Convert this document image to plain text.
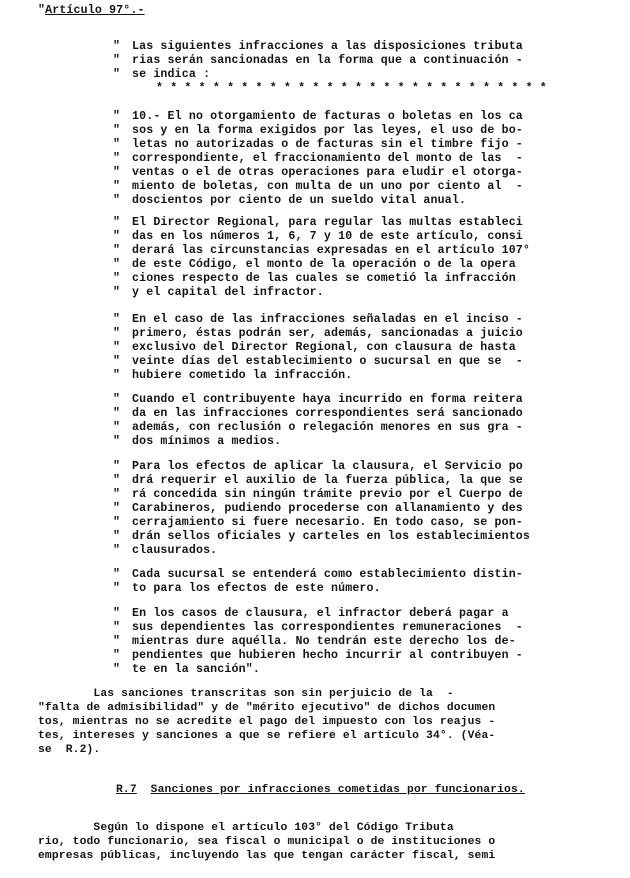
"Artículo 97°.-
" Las siguientes infracciones a las disposiciones tributa
" rias serán sancionadas en la forma que a continuación -
" se indica :
* * * * * * * * * * * * * * * * * * * * * * * * * * * *
" 10.- El no otorgamiento de facturas o boletas en los ca
" sos y en la forma exigidos por las leyes, el uso de bo-
" letas no autorizadas o de facturas sin el timbre fijo -
" correspondiente, el fraccionamiento del monto de las  -
" ventas o el de otras operaciones para eludir el otorga-
" miento de boletas, con multa de un uno por ciento al  -
" doscientos por ciento de un sueldo vital anual.
" El Director Regional, para regular las multas estableci
" das en los números 1, 6, 7 y 10 de este artículo, consi
" derará las circunstancias expresadas en el artículo 107°
" de este Código, el monto de la operación o de la opera
" ciones respecto de las cuales se cometió la infracción
" y el capital del infractor.
" En el caso de las infracciones señaladas en el inciso -
" primero, éstas podrán ser, además, sancionadas a juicio
" exclusivo del Director Regional, con clausura de hasta
" veinte días del establecimiento o sucursal en que se  -
" hubiere cometido la infracción.
" Cuando el contribuyente haya incurrido en forma reitera
" da en las infracciones correspondientes será sancionado
" además, con reclusión o relegación menores en sus gra -
" dos mínimos a medios.
" Para los efectos de aplicar la clausura, el Servicio po
" drá requerir el auxilio de la fuerza pública, la que se
" rá concedida sin ningún trámite previo por el Cuerpo de
" Carabineros, pudiendo procederse con allanamiento y des
" cerrajamiento si fuere necesario. En todo caso, se pon-
" drán sellos oficiales y carteles en los establecimientos
" clausurados.
" Cada sucursal se entenderá como establecimiento distin-
" to para los efectos de este número.
" En los casos de clausura, el infractor deberá pagar a
" sus dependientes las correspondientes remuneraciones  -
" mientras dure aquélla. No tendrán este derecho los de-
" pendientes que hubieren hecho incurrir al contribuyen -
" te en la sanción".
Las sanciones transcritas son sin perjuicio de la  -
"falta de admisibilidad" y de "mérito ejecutivo" de dichos documen
tos, mientras no se acredite el pago del impuesto con los reajus -
tes, intereses y sanciones a que se refiere el artículo 34°. (Véa-
se  R.2).
R.7 Sanciones por infracciones cometidas por funcionarios.
Según lo dispone el artículo 103° del Código Tributa
rio, todo funcionario, sea fiscal o municipal o de instituciones o
empresas públicas, incluyendo las que tengan carácter fiscal, semi
